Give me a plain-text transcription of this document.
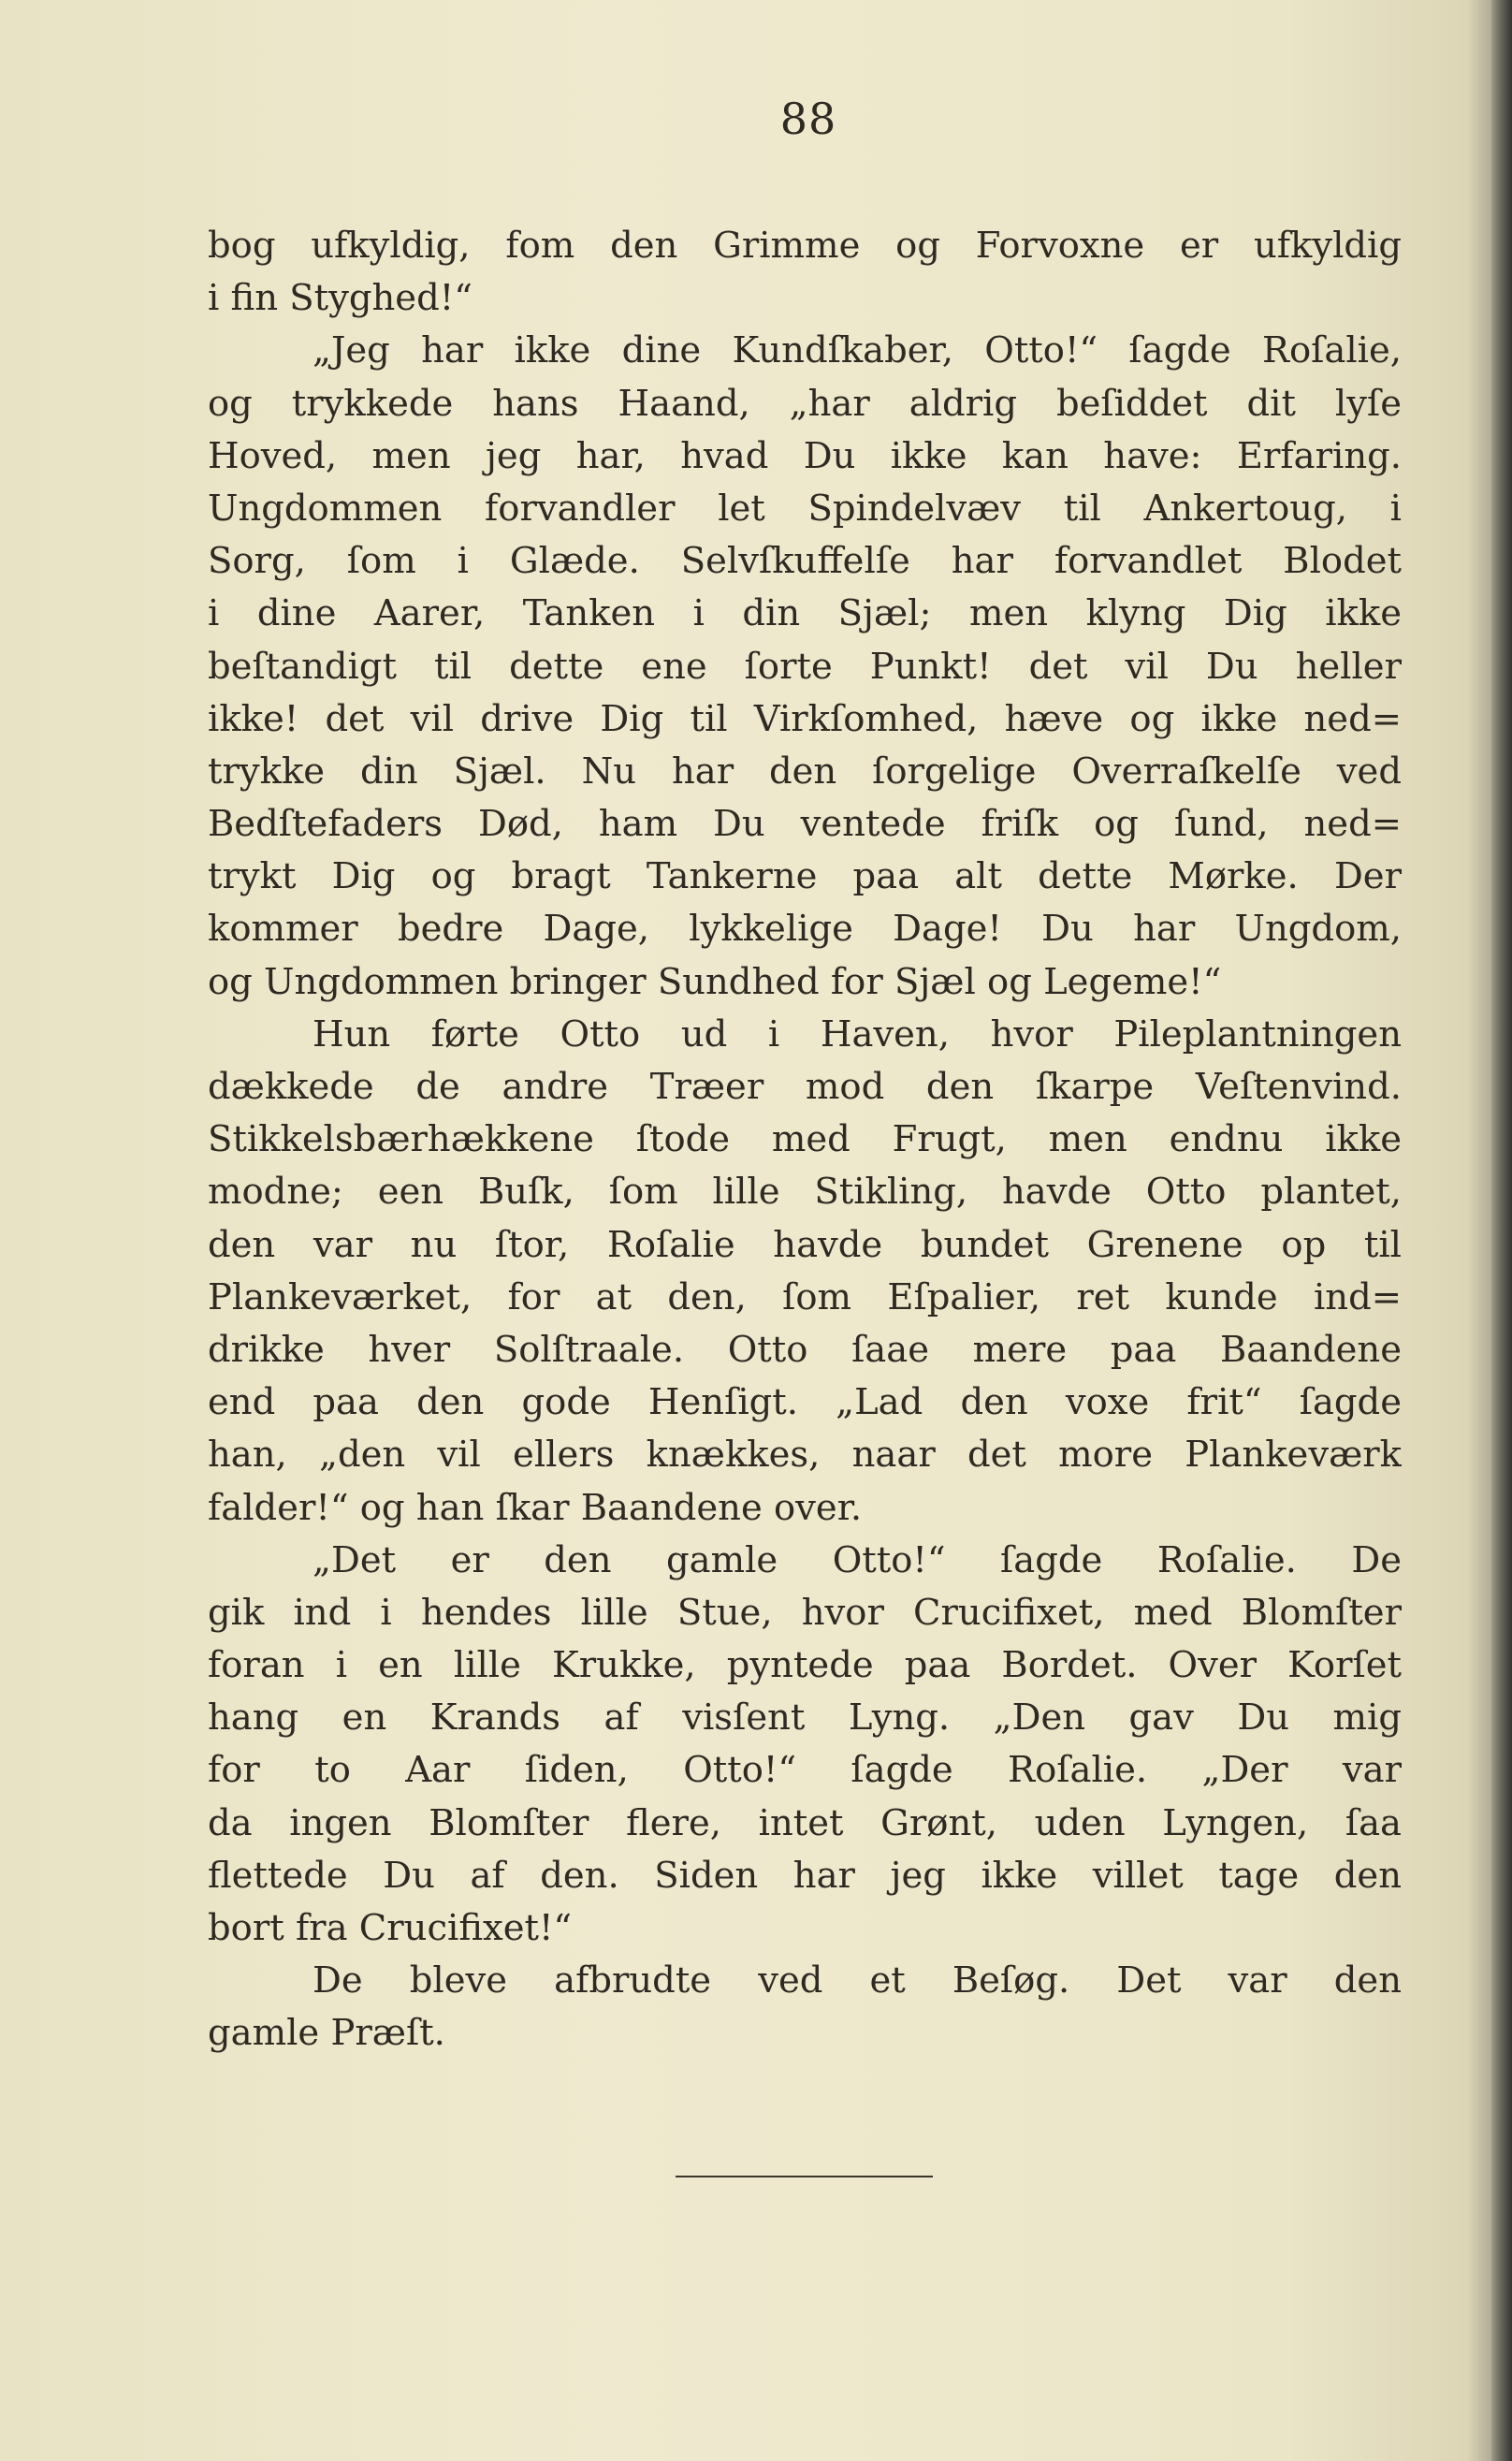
88
bog ufkyldig, fom den Grimme og Forvoxne er ufkyldig
i fin Styghed!“
„Jeg har ikke dine Kundſkaber, Otto!“ ſagde Roſalie,
og trykkede hans Haand, „har aldrig beſiddet dit lyſe
Hoved, men jeg har, hvad Du ikke kan have: Erfaring.
Ungdommen forvandler let Spindelvæv til Ankertoug, i
Sorg, ſom i Glæde. Selvſkuffelſe har forvandlet Blodet
i dine Aarer, Tanken i din Sjæl; men klyng Dig ikke
beſtandigt til dette ene ſorte Punkt! det vil Du heller
ikke! det vil drive Dig til Virkſomhed, hæve og ikke ned=
trykke din Sjæl. Nu har den ſorgelige Overraſkelſe ved
Bedſtefaders Død, ham Du ventede friſk og ſund, ned=
trykt Dig og bragt Tankerne paa alt dette Mørke. Der
kommer bedre Dage, lykkelige Dage! Du har Ungdom,
og Ungdommen bringer Sundhed for Sjæl og Legeme!“
Hun førte Otto ud i Haven, hvor Pileplantningen
dækkede de andre Træer mod den ſkarpe Veſtenvind.
Stikkelsbærhækkene ſtode med Frugt, men endnu ikke
modne; een Buſk, ſom lille Stikling, havde Otto plantet,
den var nu ſtor, Roſalie havde bundet Grenene op til
Plankeværket, for at den, ſom Eſpalier, ret kunde ind=
drikke hver Solſtraale. Otto ſaae mere paa Baandene
end paa den gode Henſigt. „Lad den voxe frit“ ſagde
han, „den vil ellers knækkes, naar det more Plankeværk
falder!“ og han ſkar Baandene over.
„Det er den gamle Otto!“ ſagde Roſalie. De
gik ind i hendes lille Stue, hvor Crucifixet, med Blomſter
foran i en lille Krukke, pyntede paa Bordet. Over Korſet
hang en Krands af visſent Lyng. „Den gav Du mig
for to Aar ſiden, Otto!“ ſagde Roſalie. „Der var
da ingen Blomſter flere, intet Grønt, uden Lyngen, ſaa
flettede Du af den. Siden har jeg ikke villet tage den
bort fra Crucifixet!“
De bleve afbrudte ved et Beſøg. Det var den
gamle Præſt.
